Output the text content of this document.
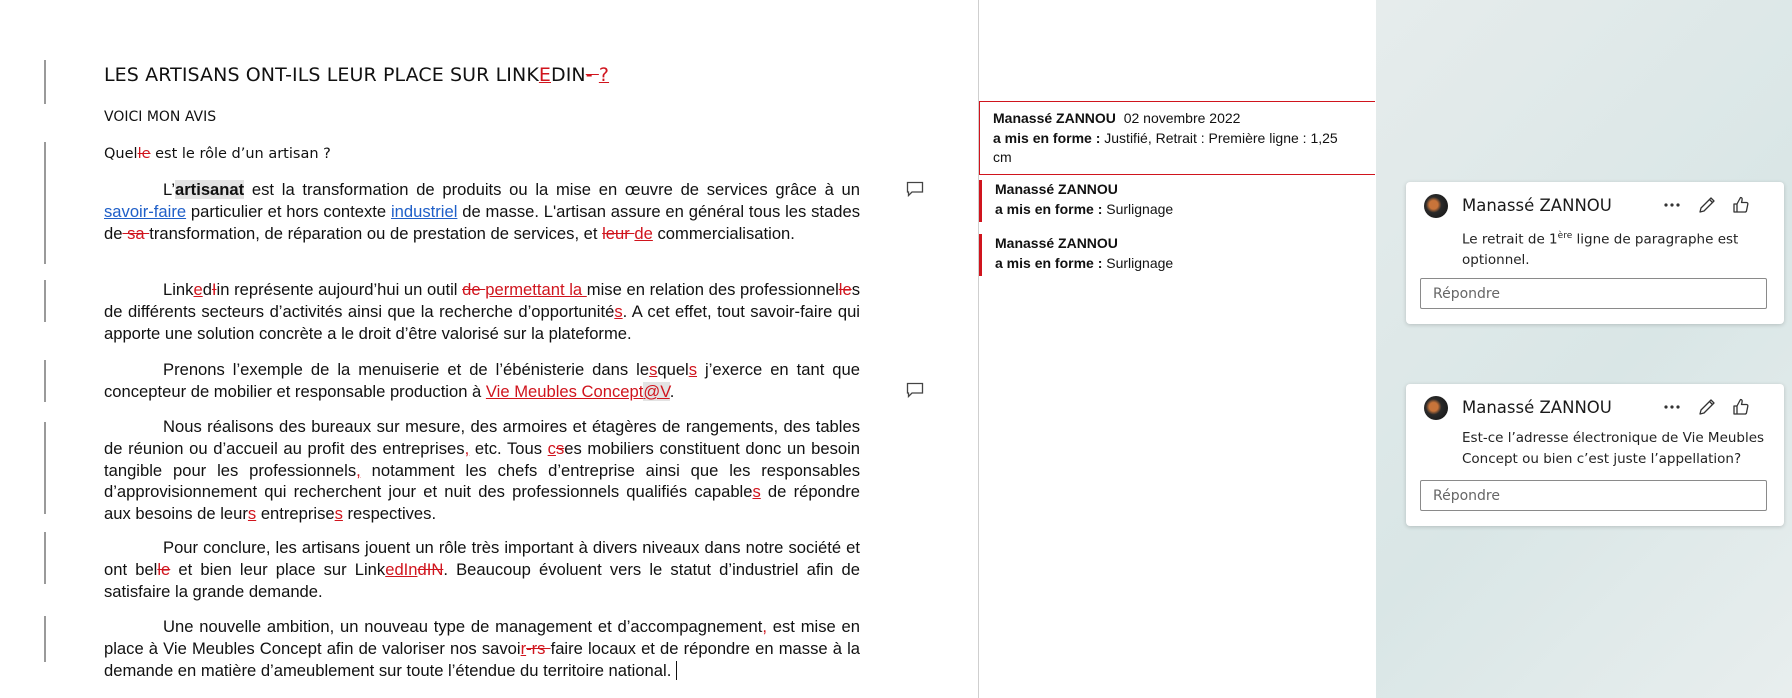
LES ARTISANS ONT-ILS LEUR PLACE SUR LINKEDIN- ?
VOICI MON AVIS
Quelle est le rôle d’un artisan ?

L’artisanat est la transformation de produits ou la mise en œuvre de services grâce à un savoir-faire particulier et hors contexte industriel de masse. L'artisan assure en général tous les stades de sa transformation, de réparation ou de prestation de services, et leur de commercialisation.

LinkedIin représente aujourd’hui un outil de permettant la mise en relation des professionnelles de différents secteurs d’activités ainsi que la recherche d’opportunités. A cet effet, tout savoir-faire qui apporte une solution concrète a le droit d’être valorisé sur la plateforme.

Prenons l’exemple de la menuiserie et de l’ébénisterie dans lesquels j’exerce en tant que concepteur de mobilier et responsable production à Vie Meubles Concept@V.

Nous réalisons des bureaux sur mesure, des armoires et étagères de rangements, des tables de réunion ou d’accueil au profit des entreprises, etc. Tous cses mobiliers constituent donc un besoin tangible pour les professionnels, notamment les chefs d’entreprise ainsi que les responsables d’approvisionnement qui recherchent jour et nuit des professionnels qualifiés capables de répondre aux besoins de leurs entreprises respectives.

Pour conclure, les artisans jouent un rôle très important à divers niveaux dans notre société et ont belle et bien leur place sur LinkedIndIN. Beaucoup évoluent vers le statut d’industriel afin de satisfaire la grande demande.

Une nouvelle ambition, un nouveau type de management et d’accompagnement, est mise en place à Vie Meubles Concept afin de valoriser nos savoir-rs faire locaux et de répondre en masse à la demande en matière d’ameublement sur toute l’étendue du territoire national.

Manassé ZANNOU 02 novembre 2022
a mis en forme : Justifié, Retrait : Première ligne : 1,25
cm
Manassé ZANNOU
a mis en forme : Surlignage
Manassé ZANNOU
a mis en forme : Surlignage
Manassé ZANNOU
Le retrait de 1ère ligne de paragraphe est optionnel.
Répondre
Manassé ZANNOU
Est-ce l’adresse électronique de Vie Meubles Concept ou bien c’est juste l’appellation?
Répondre
